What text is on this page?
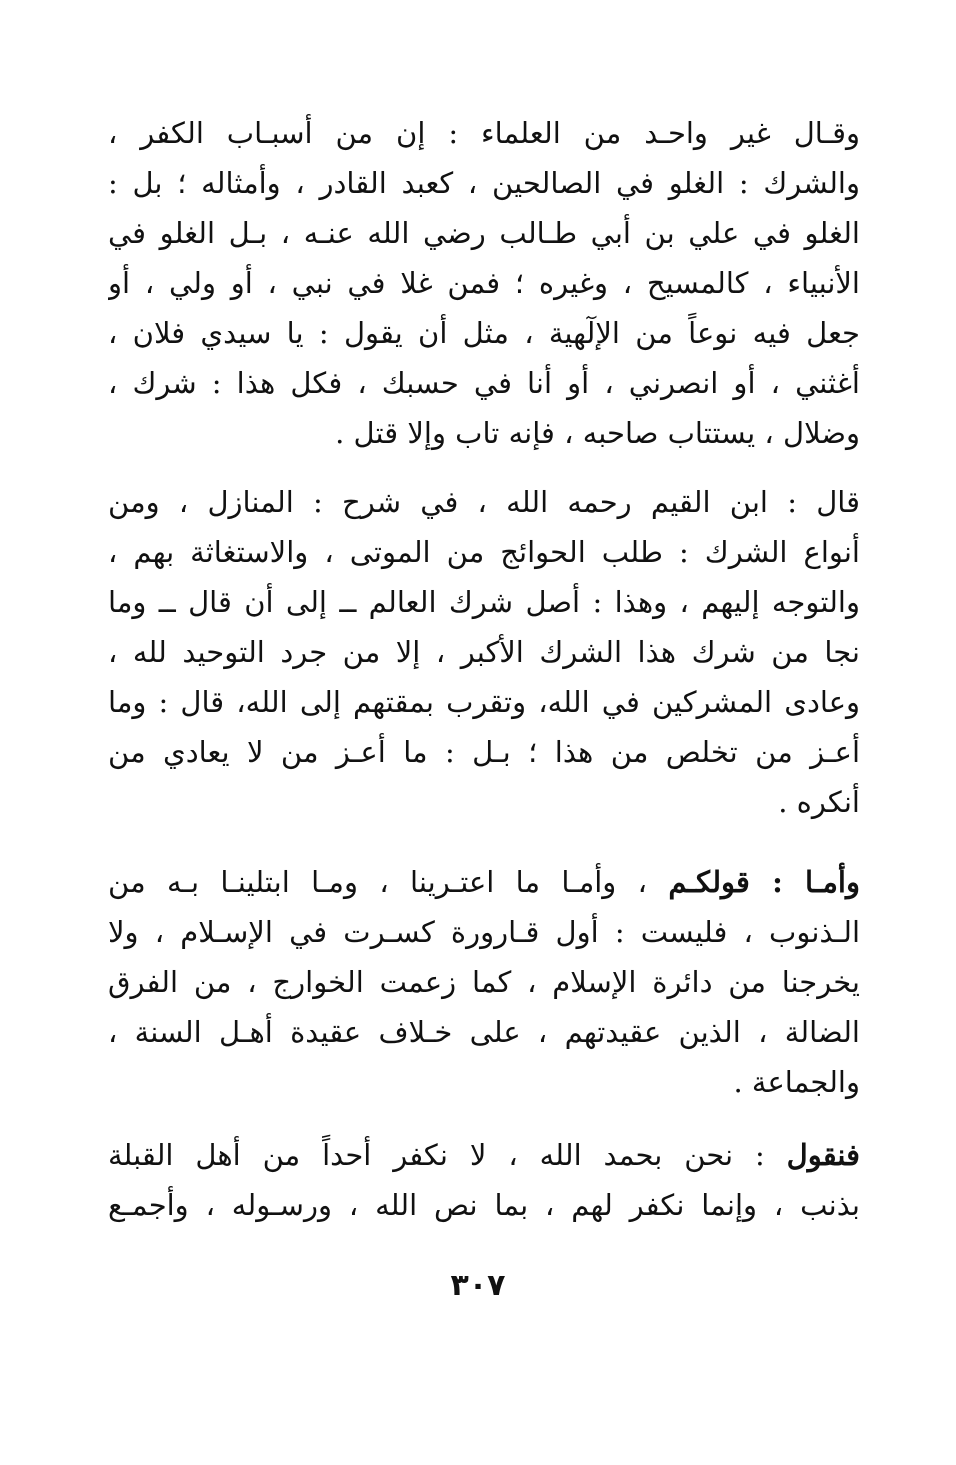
وقـال غير واحـد من العلماء : إن من أسبـاب الكفر ،
والشرك : الغلو في الصالحين ، كعبد القادر ، وأمثاله ؛ بل :
الغلو في علي بن أبي طـالب رضي الله عنـه ، بـل الغلو في
الأنبياء ، كالمسيح ، وغيره ؛ فمن غلا في نبي ، أو ولي ، أو
جعل فيه نوعاً من الإلٓهية ، مثل أن يقول : يا سيدي فلان ،
أغثني ، أو انصرني ، أو أنا في حسبك ، فكل هذا : شرك ،
وضلال ، يستتاب صاحبه ، فإنه تاب وإلا قتل .
قال : ابن القيم رحمه الله ، في شرح : المنازل ، ومن
أنواع الشرك : طلب الحوائج من الموتى ، والاستغاثة بهم ،
والتوجه إليهم ، وهذا : أصل شرك العالم ــ إلى أن قال ــ وما
نجا من شرك هذا الشرك الأكبر ، إلا من جرد التوحيد لله ،
وعادى المشركين في الله، وتقرب بمقتهم إلى الله، قال : وما
أعـز من تخلص من هذا ؛ بـل : ما أعـز من لا يعادي من
أنكره .
وأمـا : قولكـم ، وأمـا ما اعتـرينا ، ومـا ابتلينـا بـه من
الـذنوب ، فليست : أول قـارورة كسـرت في الإسـلام ، ولا
يخرجنا من دائرة الإسلام ، كما زعمت الخوارج ، من الفرق
الضالة ، الذين عقيدتهم ، على خـلاف عقيدة أهـل السنة ،
والجماعة .
فنقول : نحن بحمد الله ، لا نكفر أحداً من أهل القبلة
بذنب ، وإنما نكفر لهم ، بما نص الله ، ورسـوله ، وأجمـع
٣٠٧
